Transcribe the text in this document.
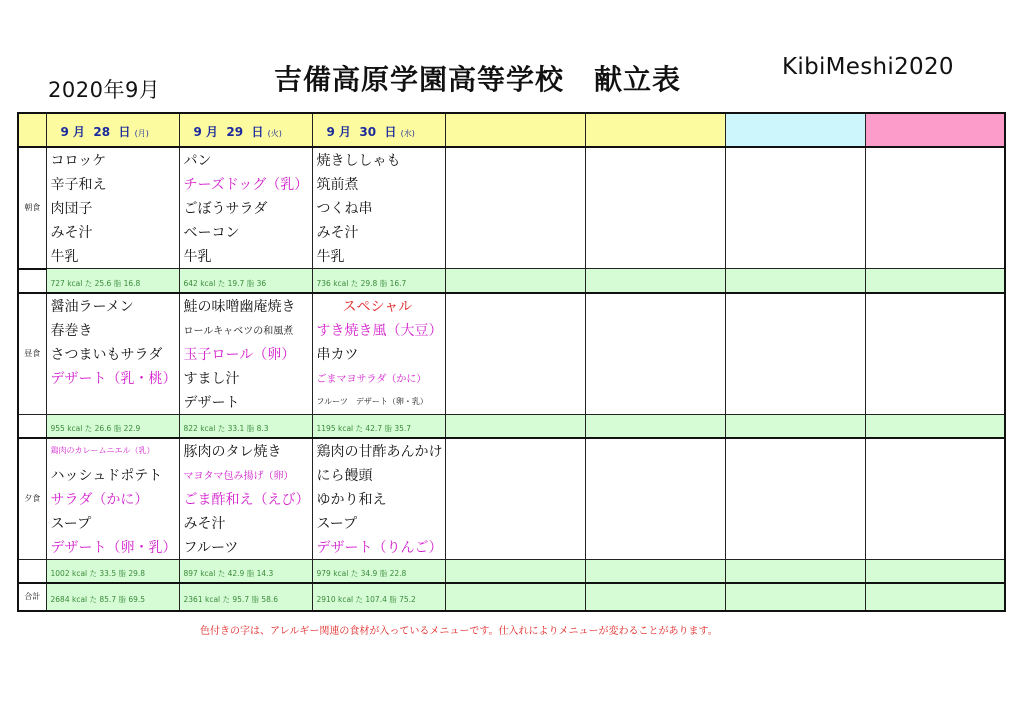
2020年9月	吉備高原学園高等学校 献立表	KibiMeshi2020
	9 月 28 日 (月)	9 月 29 日 (火)	9 月 30 日 (水)				
朝食	コロッケ	パン	焼きししゃも				

	辛子和え	チーズドッグ（乳）	筑前煮				

	肉団子	ごぼうサラダ	つくね串				

	みそ汁	ベーコン	みそ汁				

	牛乳	牛乳	牛乳				

	727 kcal た 25.6 脂 16.8	642 kcal た 19.7 脂 36	736 kcal た 29.8 脂 16.7				
昼食	醤油ラーメン	鮭の味噌幽庵焼き	スペシャル				

	春巻き	ロールキャベツの和風煮	すき焼き風（大豆）				

	さつまいもサラダ	玉子ロール（卵）	串カツ				

	デザート（乳・桃）	すまし汁	ごまマヨサラダ（かに）				

		デザート	フルーツ　デザート（卵・乳）				

	955 kcal た 26.6 脂 22.9	822 kcal た 33.1 脂 8.3	1195 kcal た 42.7 脂 35.7				
夕食	鶏肉のカレームニエル（乳）	豚肉のタレ焼き	鶏肉の甘酢あんかけ				

	ハッシュドポテト	マヨタマ包み揚げ（卵）	にら饅頭				

	サラダ（かに）	ごま酢和え（えび）	ゆかり和え				

	スープ	みそ汁	スープ				

	デザート（卵・乳）	フルーツ	デザート（りんご）				

	1002 kcal た 33.5 脂 29.8	897 kcal た 42.9 脂 14.3	979 kcal た 34.9 脂 22.8				
合計	2684 kcal た 85.7 脂 69.5	2361 kcal た 95.7 脂 58.6	2910 kcal た 107.4 脂 75.2				
色付きの字は、アレルギー関連の食材が入っているメニューです。仕入れによりメニューが変わることがあります。
